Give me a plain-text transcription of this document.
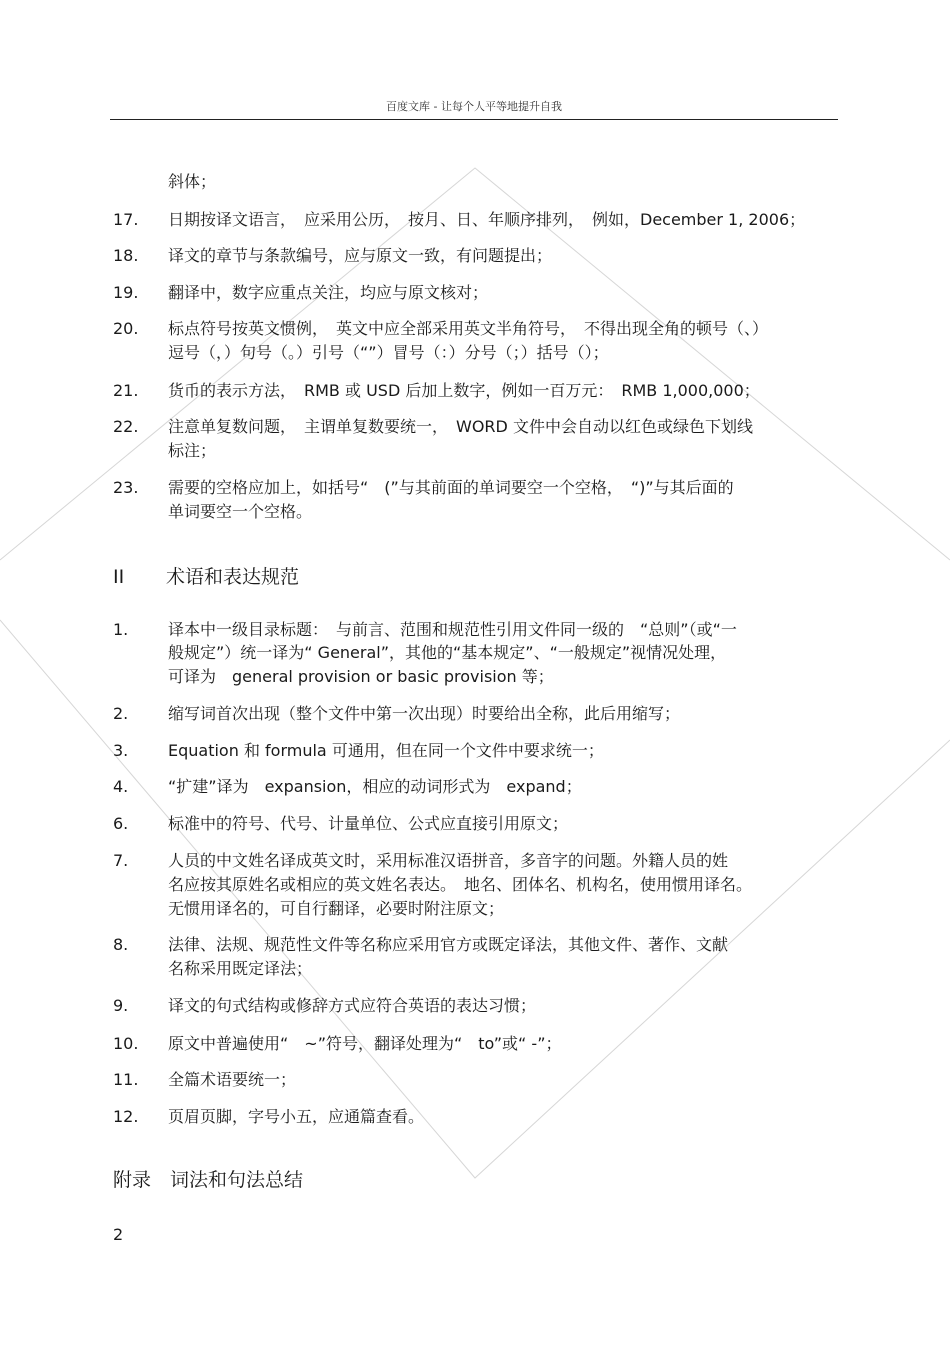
百度文库 - 让每个人平等地提升自我
斜体；
17. 日期按译文语言，　应采用公历，　按月、日、年顺序排列，　例如，December 1, 2006；
18. 译文的章节与条款编号，应与原文一致，有问题提出；
19. 翻译中，数字应重点关注，均应与原文核对；
20. 标点符号按英文惯例，　英文中应全部采用英文半角符号，　不得出现全角的顿号（、）
逗号（，）句号（。）引号（“”）冒号（：）分号（；）括号（）；
21. 货币的表示方法，　RMB 或 USD 后加上数字，例如一百万元：　RMB 1,000,000；
22. 注意单复数问题，　主谓单复数要统一，　WORD 文件中会自动以红色或绿色下划线
标注；
23. 需要的空格应加上，如括号“　(”与其前面的单词要空一个空格，　“)”与其后面的
单词要空一个空格。
II 术语和表达规范
1. 译本中一级目录标题：　与前言、范围和规范性引用文件同一级的　“总则”（或“一
般规定”）统一译为“ General”，其他的“基本规定”、“一般规定”视情况处理，
可译为　general provision or basic provision 等；
2. 缩写词首次出现（整个文件中第一次出现）时要给出全称，此后用缩写；
3. Equation 和 formula 可通用，但在同一个文件中要求统一；
4. “扩建”译为　expansion，相应的动词形式为　expand；
6. 标准中的符号、代号、计量单位、公式应直接引用原文；
7. 人员的中文姓名译成英文时，采用标准汉语拼音，多音字的问题。外籍人员的姓
名应按其原姓名或相应的英文姓名表达。　地名、团体名、机构名，使用惯用译名。
无惯用译名的，可自行翻译，必要时附注原文；
8. 法律、法规、规范性文件等名称应采用官方或既定译法，其他文件、著作、文献
名称采用既定译法；
9. 译文的句式结构或修辞方式应符合英语的表达习惯；
10. 原文中普遍使用“　~”符号，翻译处理为“　to”或“ -”；
11. 全篇术语要统一；
12. 页眉页脚，字号小五，应通篇查看。
附录　词法和句法总结
2
